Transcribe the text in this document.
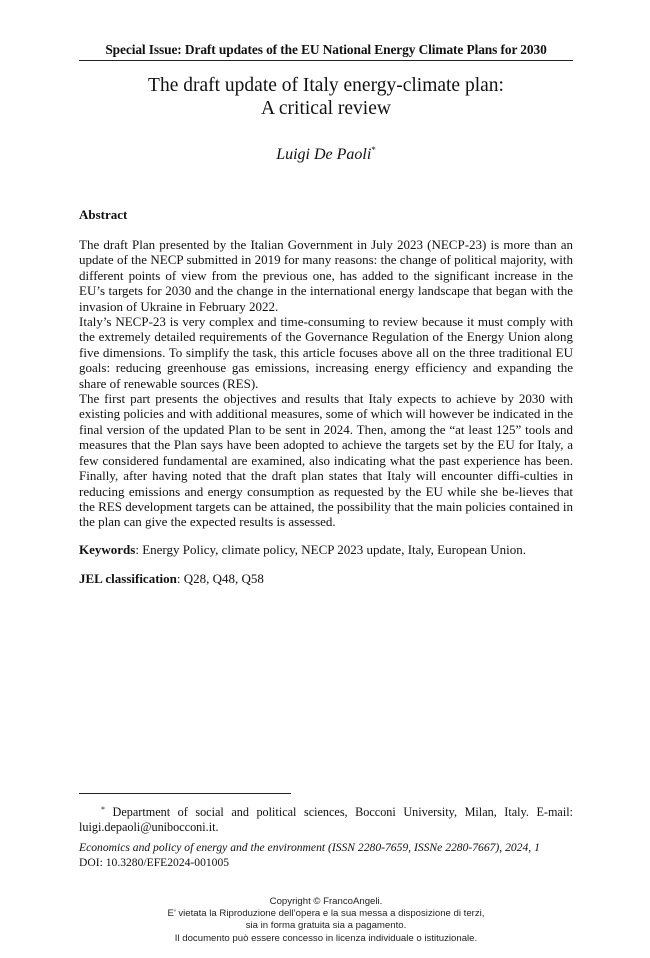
Special Issue: Draft updates of the EU National Energy Climate Plans for 2030
The draft update of Italy energy-climate plan:
A critical review
Luigi De Paoli*
Abstract

The draft Plan presented by the Italian Government in July 2023 (NECP-23) is more than an update of the NECP submitted in 2019 for many reasons: the change of political majority, with different points of view from the previous one, has added to the significant increase in the EU’s targets for 2030 and the change in the international energy landscape that began with the invasion of Ukraine in February 2022.

Italy’s NECP-23 is very complex and time-consuming to review because it must comply with the extremely detailed requirements of the Governance Regulation of the Energy Union along five dimensions. To simplify the task, this article focuses above all on the three traditional EU goals: reducing greenhouse gas emissions, increasing energy efficiency and expanding the share of renewable sources (RES).

The first part presents the objectives and results that Italy expects to achieve by 2030 with existing policies and with additional measures, some of which will however be indicated in the final version of the updated Plan to be sent in 2024. Then, among the “at least 125” tools and measures that the Plan says have been adopted to achieve the targets set by the EU for Italy, a few considered fundamental are examined, also indicating what the past experience has been. Finally, after having noted that the draft plan states that Italy will encounter diffi-culties in reducing emissions and energy consumption as requested by the EU while she be-lieves that the RES development targets can be attained, the possibility that the main policies contained in the plan can give the expected results is assessed.

Keywords: Energy Policy, climate policy, NECP 2023 update, Italy, European Union.
JEL classification: Q28, Q48, Q58
* Department of social and political sciences, Bocconi University, Milan, Italy. E-mail: luigi.depaoli@unibocconi.it.
Economics and policy of energy and the environment (ISSN 2280-7659, ISSNe 2280-7667), 2024, 1
DOI: 10.3280/EFE2024-001005
Copyright © FrancoAngeli.
E’ vietata la Riproduzione dell’opera e la sua messa a disposizione di terzi,
sia in forma gratuita sia a pagamento.
Il documento può essere concesso in licenza individuale o istituzionale.
